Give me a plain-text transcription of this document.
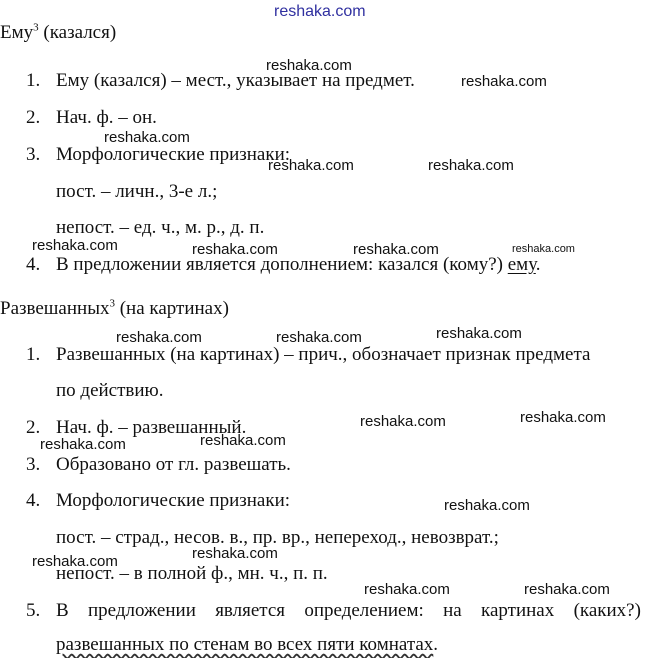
reshaka.com
Ему$^3$ (казался)
1. Ему (казался) – мест., указывает на предмет.
2. Нач. ф. – он.
3. Морфологические признаки:
пост. – личн., 3-е л.;
непост. – ед. ч., м. р., д. п.
4. В предложении является дополнением: казался (кому?) ему.
Развешанных$^3$ (на картинах)
1. Развешанных (на картинах) – прич., обозначает признак предмета
по действию.
2. Нач. ф. – развешанный.
3. Образовано от гл. развешать.
4. Морфологические признаки:
пост. – страд., несов. в., пр. вр., непереход., невозврат.;
непост. – в полной ф., мн. ч., п. п.
5. В предложении является определением: на картинах (каких?)
развешанных по стенам во всех пяти комнатах.
reshaka.com
reshaka.com
reshaka.com
reshaka.com	reshaka.com
reshaka.com	reshaka.com	reshaka.com	reshaka.com
reshaka.com	reshaka.com	reshaka.com
reshaka.com	reshaka.com
reshaka.com	reshaka.com
reshaka.com
reshaka.com
reshaka.com
reshaka.com	reshaka.com
